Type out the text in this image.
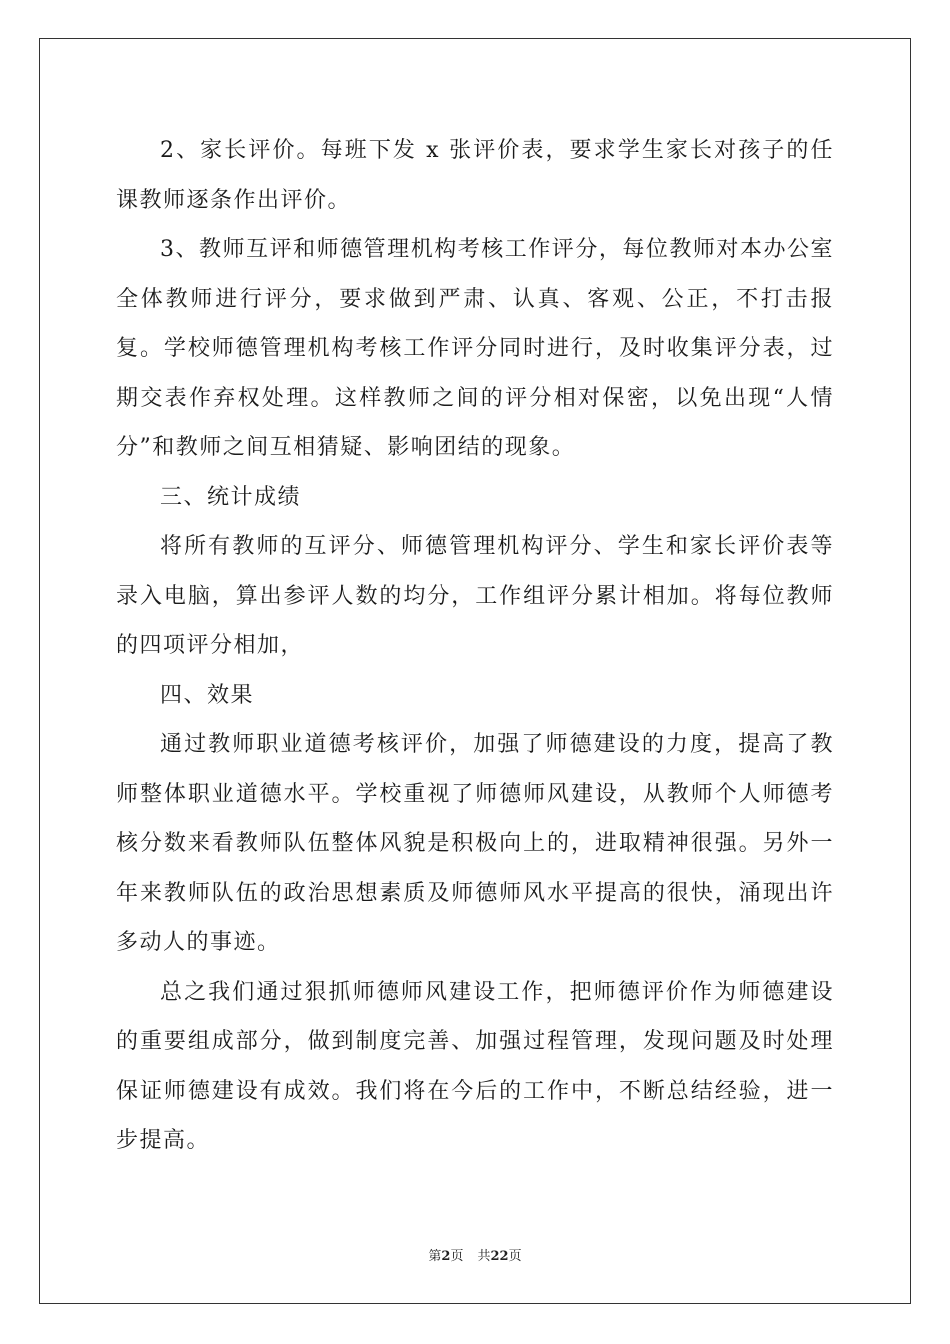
2、家长评价。每班下发 x 张评价表，要求学生家长对孩子的任课教师逐条作出评价。

3、教师互评和师德管理机构考核工作评分，每位教师对本办公室全体教师进行评分，要求做到严肃、认真、客观、公正，不打击报复。学校师德管理机构考核工作评分同时进行，及时收集评分表，过期交表作弃权处理。这样教师之间的评分相对保密，以免出现“人情分”和教师之间互相猜疑、影响团结的现象。

三、统计成绩

将所有教师的互评分、师德管理机构评分、学生和家长评价表等录入电脑，算出参评人数的均分，工作组评分累计相加。将每位教师的四项评分相加，

四、效果

通过教师职业道德考核评价，加强了师德建设的力度，提高了教师整体职业道德水平。学校重视了师德师风建设，从教师个人师德考核分数来看教师队伍整体风貌是积极向上的，进取精神很强。另外一年来教师队伍的政治思想素质及师德师风水平提高的很快，涌现出许多动人的事迹。

总之我们通过狠抓师德师风建设工作，把师德评价作为师德建设的重要组成部分，做到制度完善、加强过程管理，发现问题及时处理保证师德建设有成效。我们将在今后的工作中，不断总结经验，进一步提高。

第2页 共22页
